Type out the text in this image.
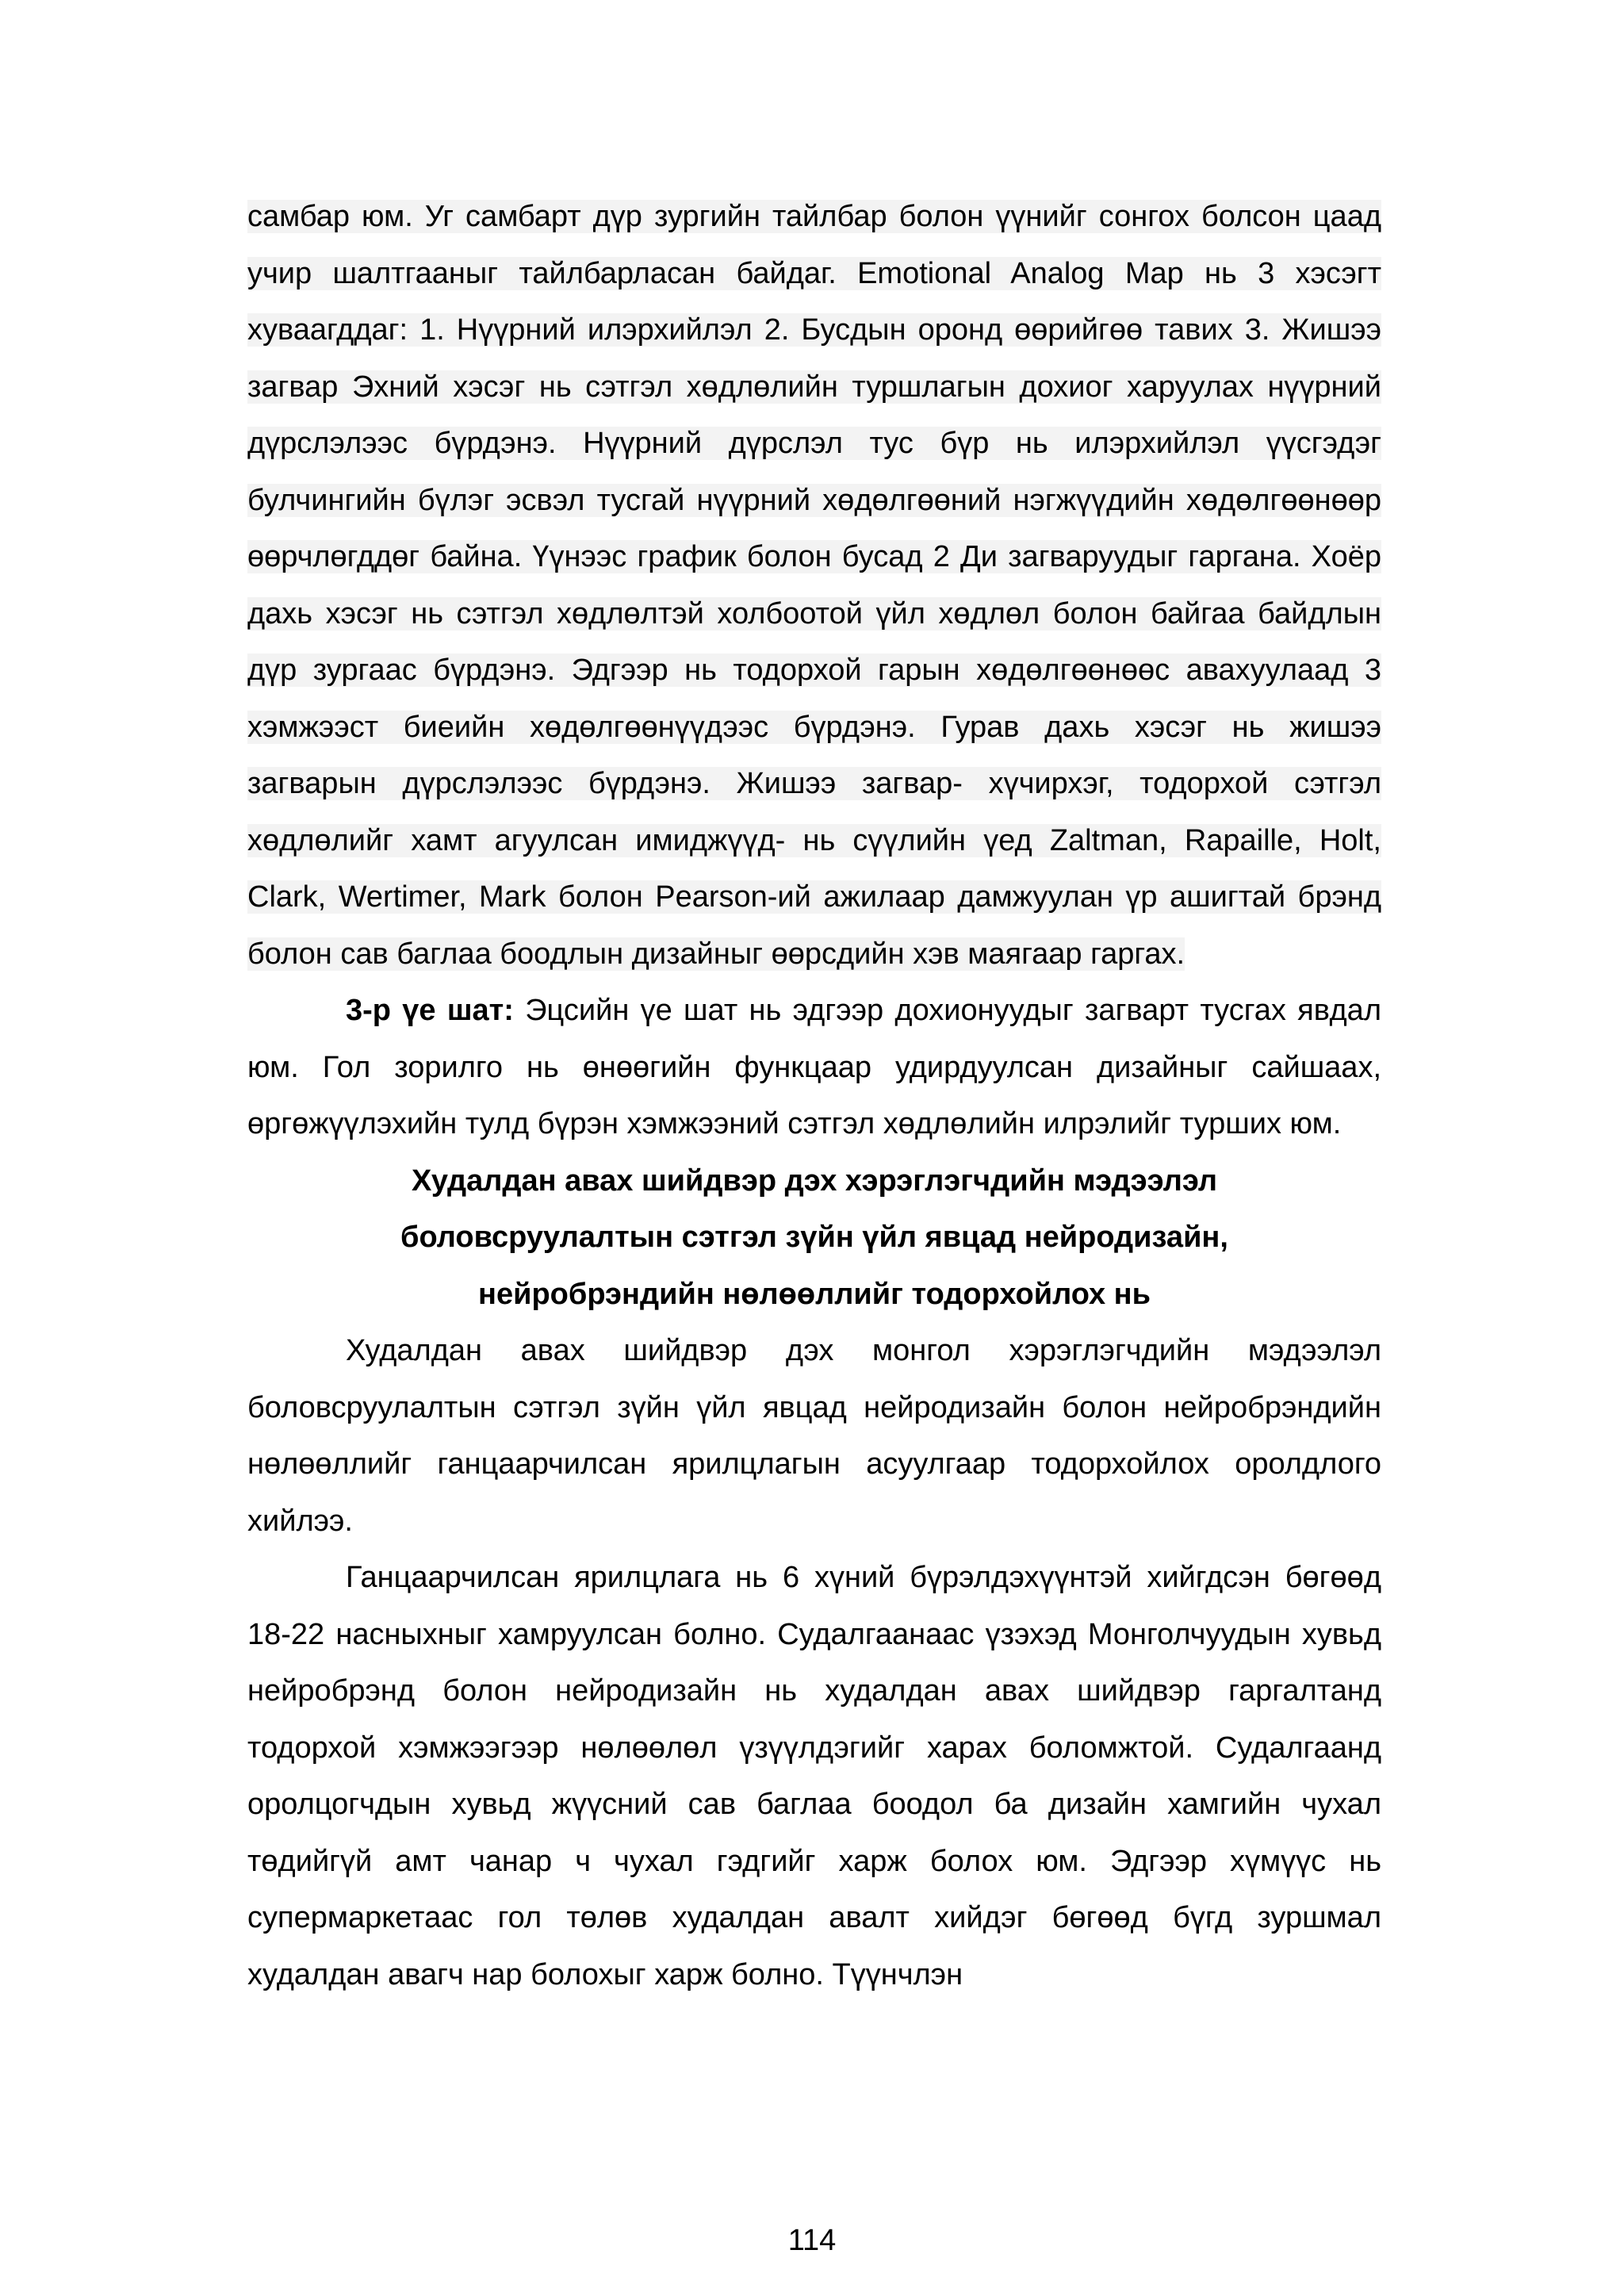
самбар юм. Уг самбарт дүр зургийн тайлбар болон үүнийг сонгох болсон цаад учир шалтгааныг тайлбарласан байдаг. Emotional Analog Map нь 3 хэсэгт хуваагддаг: 1. Нүүрний илэрхийлэл 2. Бусдын оронд өөрийгөө тавих 3. Жишээ загвар Эхний хэсэг нь сэтгэл хөдлөлийн туршлагын дохиог харуулах нүүрний дүрслэлээс бүрдэнэ. Нүүрний дүрслэл тус бүр нь илэрхийлэл үүсгэдэг булчингийн бүлэг эсвэл тусгай нүүрний хөдөлгөөний нэгжүүдийн хөдөлгөөнөөр өөрчлөгддөг байна. Үүнээс график болон бусад 2 Ди загваруудыг гаргана. Хоёр дахь хэсэг нь сэтгэл хөдлөлтэй холбоотой үйл хөдлөл болон байгаа байдлын дүр зургаас бүрдэнэ. Эдгээр нь тодорхой гарын хөдөлгөөнөөс авахуулаад 3 хэмжээст биеийн хөдөлгөөнүүдээс бүрдэнэ. Гурав дахь хэсэг нь жишээ загварын дүрслэлээс бүрдэнэ. Жишээ загвар- хүчирхэг, тодорхой сэтгэл хөдлөлийг хамт агуулсан имиджүүд- нь сүүлийн үед Zaltman, Rapaille, Holt, Clark, Wertimer, Mark болон Pearson-ий ажилаар дамжуулан үр ашигтай брэнд болон сав баглаа боодлын дизайныг өөрсдийн хэв маягаар гаргах.

3-р үе шат: Эцсийн үе шат нь эдгээр дохионуудыг загварт тусгах явдал юм. Гол зорилго нь өнөөгийн функцаар удирдуулсан дизайныг сайшаах, өргөжүүлэхийн тулд бүрэн хэмжээний сэтгэл хөдлөлийн илрэлийг турших юм.

Худалдан авах шийдвэр дэх хэрэглэгчдийн мэдээлэл

боловсруулалтын сэтгэл зүйн үйл явцад нейродизайн,

нейробрэндийн нөлөөллийг тодорхойлох нь

Худалдан авах шийдвэр дэх монгол хэрэглэгчдийн мэдээлэл боловсруулалтын сэтгэл зүйн үйл явцад нейродизайн болон нейробрэндийн нөлөөллийг ганцаарчилсан ярилцлагын асуулгаар тодорхойлох оролдлого хийлээ.

Ганцаарчилсан ярилцлага нь 6 хүний бүрэлдэхүүнтэй хийгдсэн бөгөөд 18-22 насныхныг хамруулсан болно. Судалгаанаас үзэхэд Монголчуудын хувьд нейробрэнд болон нейродизайн нь худалдан авах шийдвэр гаргалтанд тодорхой хэмжээгээр нөлөөлөл үзүүлдэгийг харах боломжтой. Судалгаанд оролцогчдын хувьд жүүсний сав баглаа боодол ба дизайн хамгийн чухал төдийгүй амт чанар ч чухал гэдгийг харж болох юм. Эдгээр хүмүүс нь супермаркетаас гол төлөв худалдан авалт хийдэг бөгөөд бүгд зуршмал худалдан авагч нар болохыг харж болно. Түүнчлэн

114
